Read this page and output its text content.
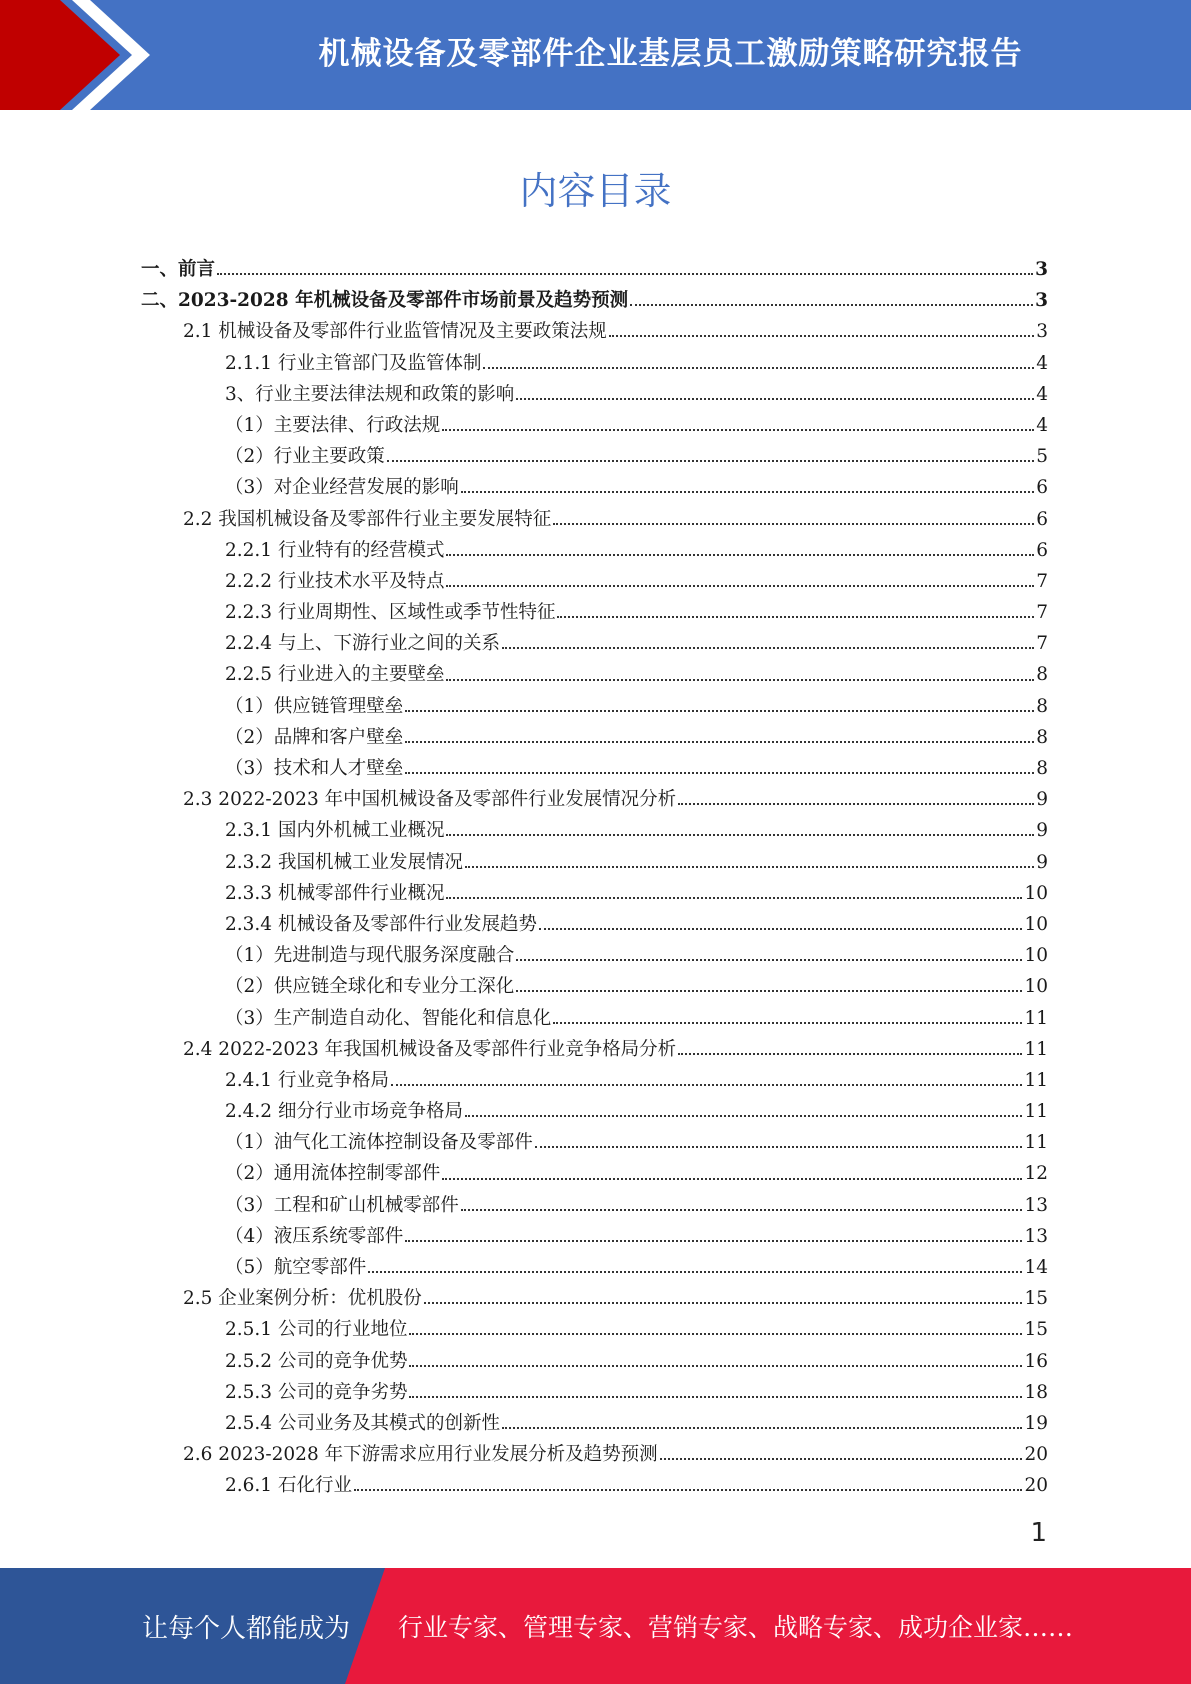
机械设备及零部件企业基层员工激励策略研究报告
内容目录
一、前言	3
二、2023-2028 年机械设备及零部件市场前景及趋势预测	3
2.1 机械设备及零部件行业监管情况及主要政策法规	3
2.1.1 行业主管部门及监管体制	4
3、行业主要法律法规和政策的影响	4
（1）主要法律、行政法规	4
（2）行业主要政策	5
（3）对企业经营发展的影响	6
2.2 我国机械设备及零部件行业主要发展特征	6
2.2.1 行业特有的经营模式	6
2.2.2 行业技术水平及特点	7
2.2.3 行业周期性、区域性或季节性特征	7
2.2.4 与上、下游行业之间的关系	7
2.2.5 行业进入的主要壁垒	8
（1）供应链管理壁垒	8
（2）品牌和客户壁垒	8
（3）技术和人才壁垒	8
2.3 2022-2023 年中国机械设备及零部件行业发展情况分析	9
2.3.1 国内外机械工业概况	9
2.3.2 我国机械工业发展情况	9
2.3.3 机械零部件行业概况	10
2.3.4 机械设备及零部件行业发展趋势	10
（1）先进制造与现代服务深度融合	10
（2）供应链全球化和专业分工深化	10
（3）生产制造自动化、智能化和信息化	11
2.4 2022-2023 年我国机械设备及零部件行业竞争格局分析	11
2.4.1 行业竞争格局	11
2.4.2 细分行业市场竞争格局	11
（1）油气化工流体控制设备及零部件	11
（2）通用流体控制零部件	12
（3）工程和矿山机械零部件	13
（4）液压系统零部件	13
（5）航空零部件	14
2.5 企业案例分析：优机股份	15
2.5.1 公司的行业地位	15
2.5.2 公司的竞争优势	16
2.5.3 公司的竞争劣势	18
2.5.4 公司业务及其模式的创新性	19
2.6 2023-2028 年下游需求应用行业发展分析及趋势预测	20
2.6.1 石化行业	20
1
让每个人都能成为 行业专家、管理专家、营销专家、战略专家、成功企业家……
